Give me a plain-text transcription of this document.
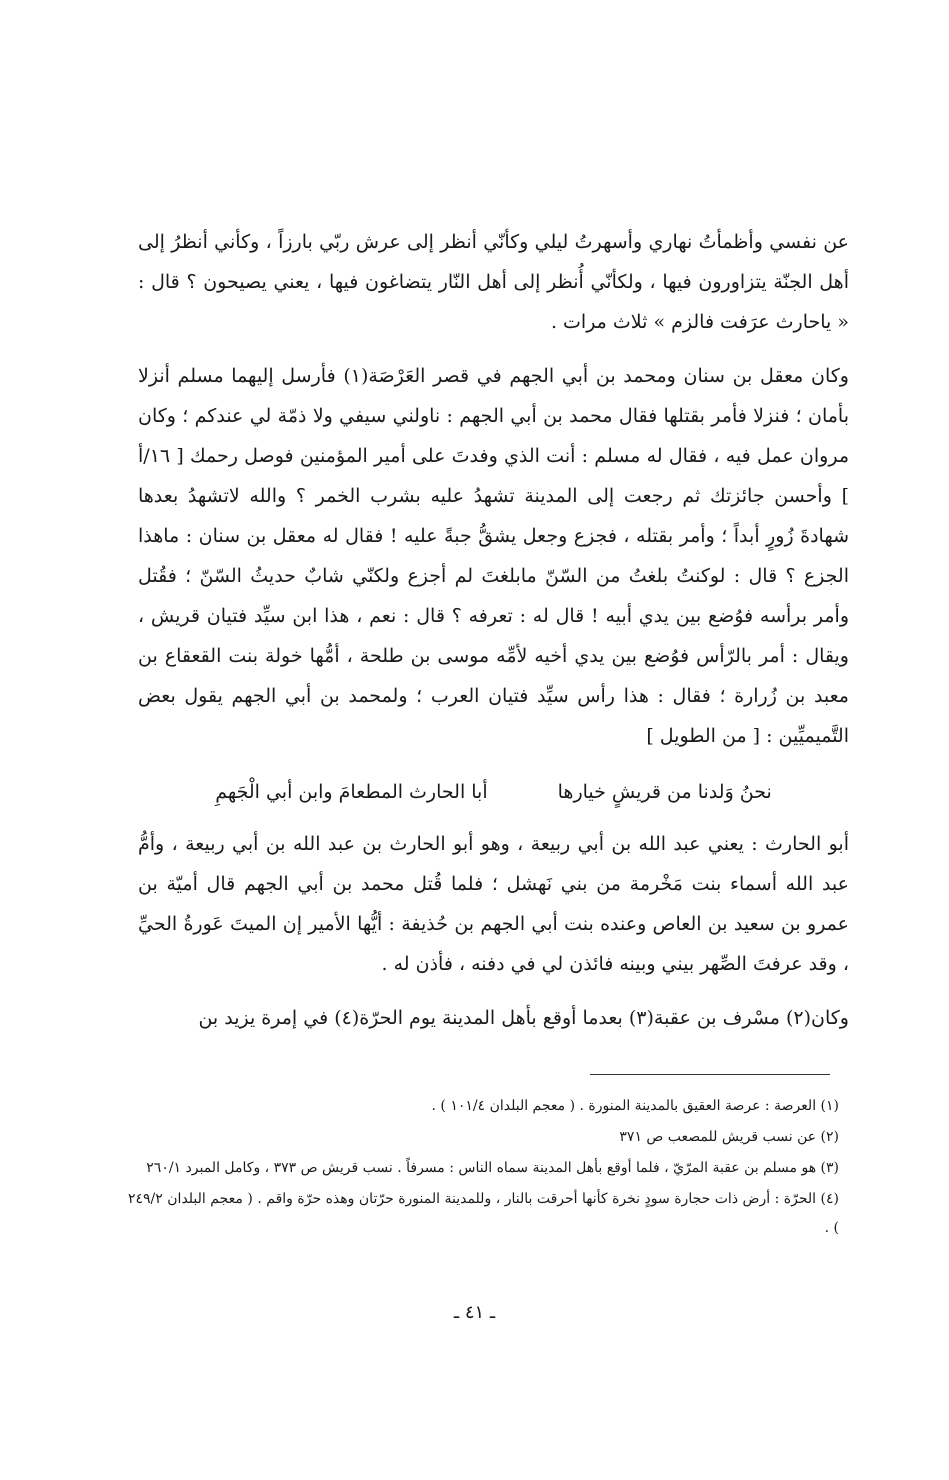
عن نفسي وأظمأتُ نهاري وأسهرتُ ليلي وكأنّي أنظر إلى عرش ربّي بارزاً ، وكأني أنظرُ إلى أهل الجنّة يتزاورون فيها ، ولكأنّي أُنظر إلى أهل النّار يتضاغون فيها ، يعني يصيحون ؟ قال : « ياحارث عرَفت فالزم » ثلاث مرات .

وكان معقل بن سنان ومحمد بن أبي الجهم في قصر العَرْصَة(١) فأرسل إليهما مسلم أنزلا بأمان ؛ فنزلا فأمر بقتلها فقال محمد بن أبي الجهم : ناولني سيفي ولا ذمّة لي عندكم ؛ وكان مروان عمل فيه ، فقال له مسلم : أنت الذي وفدتَ على أمير المؤمنين فوصل رحمك [ ١٦/أ ] وأحسن جائزتك ثم رجعت إلى المدينة تشهدُ عليه بشرب الخمر ؟ والله لاتشهدُ بعدها شهادةَ زُورٍ أبداً ؛ وأمر بقتله ، فجزع وجعل يشقُّ جبةً عليه ! فقال له معقل بن سنان : ماهذا الجزع ؟ قال : لوكنتُ بلغتُ من السّنّ مابلغتَ لم أجزع ولكنّي شابٌ حديثُ السّنّ ؛ فقُتل وأمر برأسه فوُضع بين يدي أبيه ! قال له : تعرفه ؟ قال : نعم ، هذا ابن سيِّد فتيان قريش ، ويقال : أمر بالرّأس فوُضع بين يدي أخيه لأمِّه موسى بن طلحة ، أمُّها خولة بنت القعقاع بن معبد بن زُرارة ؛ فقال : هذا رأس سيِّد فتيان العرب ؛ ولمحمد بن أبي الجهم يقول بعض التَّميميِّين : [ من الطويل ]

نحنُ وَلدنا من قريشٍ خيارها
أبا الحارث المطعامَ وابن أبي الْجَهمِ

أبو الحارث : يعني عبد الله بن أبي ربيعة ، وهو أبو الحارث بن عبد الله بن أبي ربيعة ، وأمُّ عبد الله أسماء بنت مَخْرمة من بني نَهشل ؛ فلما قُتل محمد بن أبي الجهم قال أميّة بن عمرو بن سعيد بن العاص وعنده بنت أبي الجهم بن حُذيفة : أيُّها الأمير إن الميتَ عَورةُ الحيِّ ، وقد عرفتَ الصِّهر بيني وبينه فائذن لي في دفنه ، فأذن له .

وكان(٢) مسْرف بن عقبة(٣) بعدما أوقع بأهل المدينة يوم الحرّة(٤) في إمرة يزيد بن

(١) العرصة : عرصة العقيق بالمدينة المنورة . ( معجم البلدان ١٠١/٤ ) .

(٢) عن نسب قريش للمصعب ص ٣٧١

(٣) هو مسلم بن عقبة المرّيّ ، فلما أوقع بأهل المدينة سماه الناس : مسرفاً . نسب قريش ص ٣٧٣ ، وكامل المبرد ٢٦٠/١

(٤) الحرّة : أرض ذات حجارة سودٍ نخرة كأنها أحرقت بالنار ، وللمدينة المنورة حرّتان وهذه حرّة واقم . ( معجم البلدان ٢٤٩/٢ ) .

ـ ٤١ ـ
